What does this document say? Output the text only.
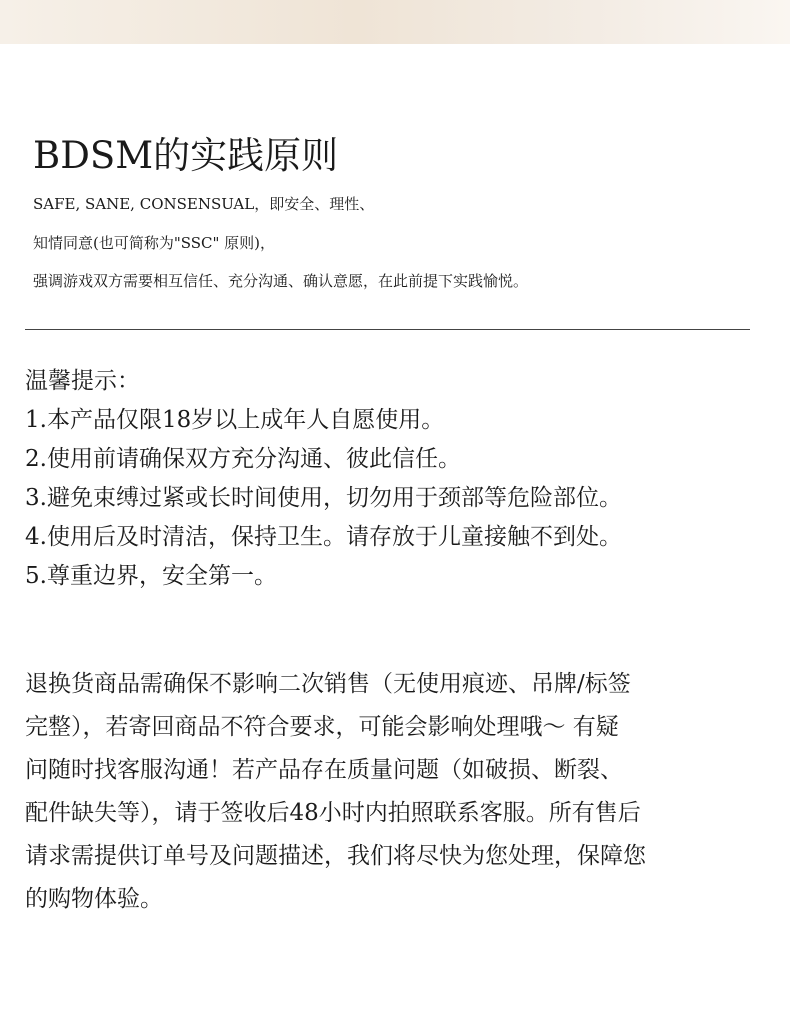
BDSM的实践原则
SAFE, SANE, CONSENSUAL，即安全、理性、
知情同意(也可简称为"SSC" 原则)，
强调游戏双方需要相互信任、充分沟通、确认意愿，在此前提下实践愉悦。
温馨提示：
1.本产品仅限18岁以上成年人自愿使用。
2.使用前请确保双方充分沟通、彼此信任。
3.避免束缚过紧或长时间使用，切勿用于颈部等危险部位。
4.使用后及时清洁，保持卫生。请存放于儿童接触不到处。
5.尊重边界，安全第一。
退换货商品需确保不影响二次销售（无使用痕迹、吊牌/标签
完整），若寄回商品不符合要求，可能会影响处理哦～ 有疑
问随时找客服沟通！若产品存在质量问题（如破损、断裂、
配件缺失等），请于签收后48小时内拍照联系客服。所有售后
请求需提供订单号及问题描述，我们将尽快为您处理，保障您
的购物体验。
